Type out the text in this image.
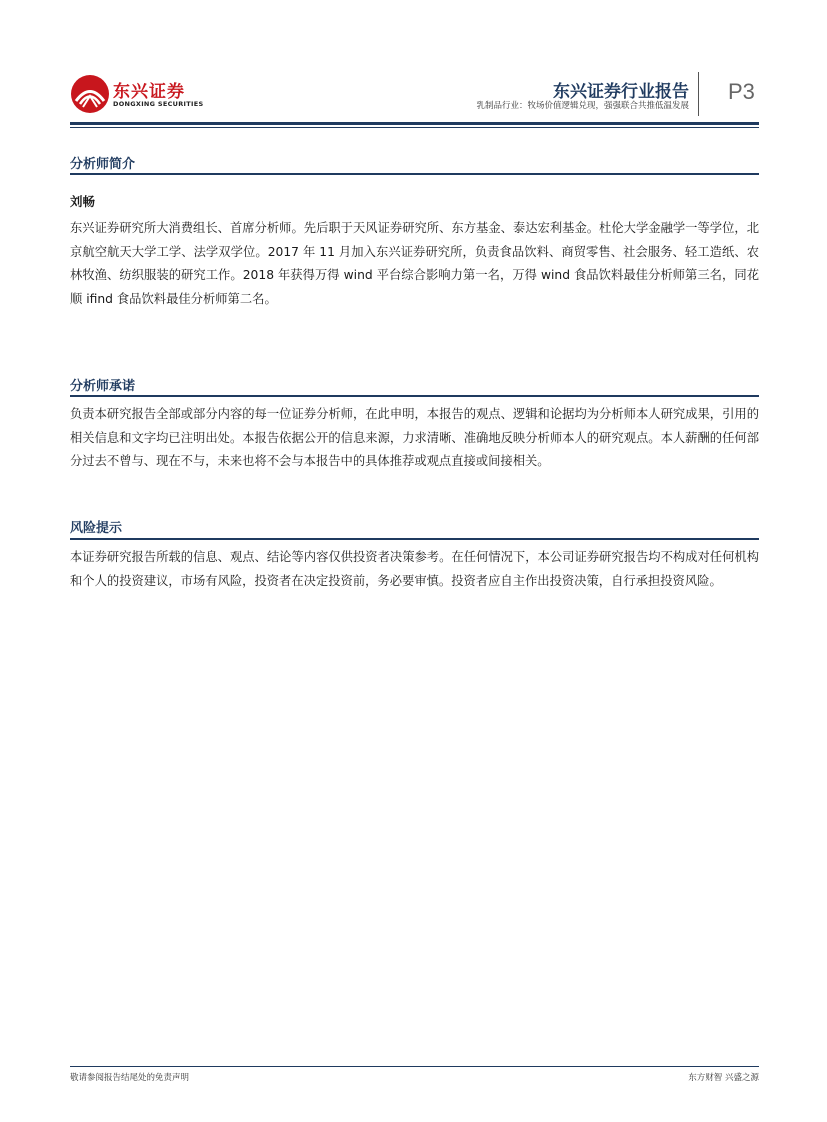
东兴证券
DONGXING SECURITIES
东兴证券行业报告
乳制品行业：牧场价值逻辑兑现，强强联合共推低温发展
P3
分析师简介
刘畅

东兴证券研究所大消费组长、首席分析师。先后职于天风证券研究所、东方基金、泰达宏利基金。杜伦大学金融学一等学位，北京航空航天大学工学、法学双学位。2017 年 11 月加入东兴证券研究所，负责食品饮料、商贸零售、社会服务、轻工造纸、农林牧渔、纺织服装的研究工作。2018 年获得万得 wind 平台综合影响力第一名，万得 wind 食品饮料最佳分析师第三名，同花顺 ifind 食品饮料最佳分析师第二名。

分析师承诺

负责本研究报告全部或部分内容的每一位证券分析师，在此申明，本报告的观点、逻辑和论据均为分析师本人研究成果，引用的相关信息和文字均已注明出处。本报告依据公开的信息来源，力求清晰、准确地反映分析师本人的研究观点。本人薪酬的任何部分过去不曾与、现在不与，未来也将不会与本报告中的具体推荐或观点直接或间接相关。

风险提示

本证券研究报告所载的信息、观点、结论等内容仅供投资者决策参考。在任何情况下，本公司证券研究报告均不构成对任何机构和个人的投资建议，市场有风险，投资者在决定投资前，务必要审慎。投资者应自主作出投资决策，自行承担投资风险。

敬请参阅报告结尾处的免责声明	东方财智 兴盛之源
